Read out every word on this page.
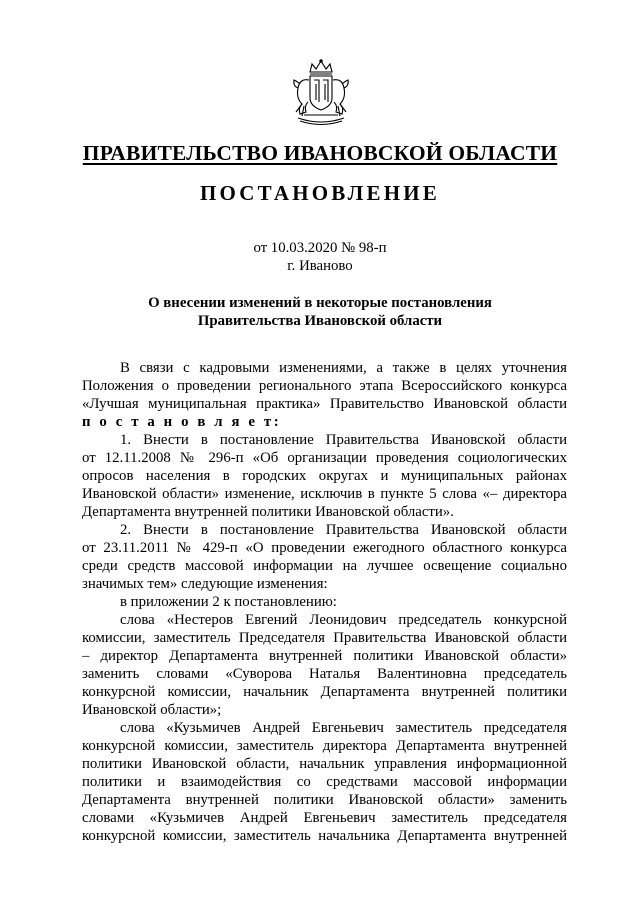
ПРАВИТЕЛЬСТВО ИВАНОВСКОЙ ОБЛАСТИ
ПОСТАНОВЛЕНИЕ
от 10.03.2020 № 98-п
г. Иваново
О внесении изменений в некоторые постановления
Правительства Ивановской области
В связи с кадровыми изменениями, а также в целях уточнения
Положения о проведении регионального этапа Всероссийского конкурса
«Лучшая муниципальная практика» Правительство Ивановской области
п о с т а н о в л я е т:
1. Внести в постановление Правительства Ивановской области
от 12.11.2008 № 296-п «Об организации проведения социологических
опросов населения в городских округах и муниципальных районах
Ивановской области» изменение, исключив в пункте 5 слова «– директора
Департамента внутренней политики Ивановской области».
2. Внести в постановление Правительства Ивановской области
от 23.11.2011 № 429-п «О проведении ежегодного областного конкурса
среди средств массовой информации на лучшее освещение социально
значимых тем» следующие изменения:
в приложении 2 к постановлению:
слова «Нестеров Евгений Леонидович председатель конкурсной
комиссии, заместитель Председателя Правительства Ивановской области
– директор Департамента внутренней политики Ивановской области»
заменить словами «Суворова Наталья Валентиновна председатель
конкурсной комиссии, начальник Департамента внутренней политики
Ивановской области»;
слова «Кузьмичев Андрей Евгеньевич заместитель председателя
конкурсной комиссии, заместитель директора Департамента внутренней
политики Ивановской области, начальник управления информационной
политики и взаимодействия со средствами массовой информации
Департамента внутренней политики Ивановской области» заменить
словами «Кузьмичев Андрей Евгеньевич заместитель председателя
конкурсной комиссии, заместитель начальника Департамента внутренней
